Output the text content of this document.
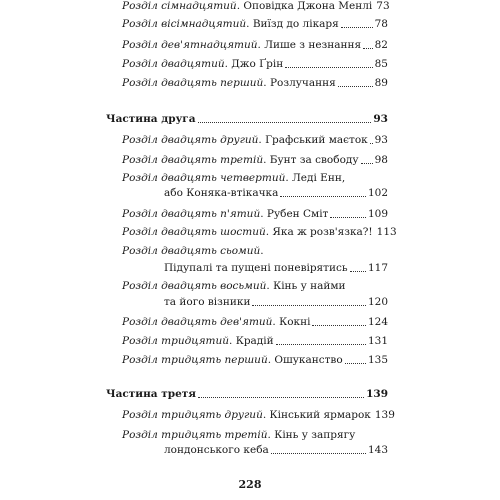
Розділ сімнадцятий. Оповідка Джона Менлі 73
Розділ вісімнадцятий. Виїзд до лікаря	78
Розділ дев'ятнадцятий. Лише з незнання 82
Розділ двадцятий. Джо Ґрін	85
Розділ двадцять перший. Розлучання	89
Частина друга	93
Розділ двадцять другий. Графський маєток 93
Розділ двадцять третій. Бунт за свободу 98
Розділ двадцять четвертий. Леді Енн,
або Коняка-втікачка	102
Розділ двадцять п'ятий. Рубен Сміт	109
Розділ двадцять шостий. Яка ж розв'язка?! 113
Розділ двадцять сьомий.
Підупалі та пущені поневірятись 117
Розділ двадцять восьмий. Кінь у найми
та його візники	120
Розділ двадцять дев'ятий. Кокні	124
Розділ тридцятий. Крадій	131
Розділ тридцять перший. Ошуканство 135
Частина третя	139
Розділ тридцять другий. Кінський ярмарок 139
Розділ тридцять третій. Кінь у запрягу
лондонського кеба	143
228
